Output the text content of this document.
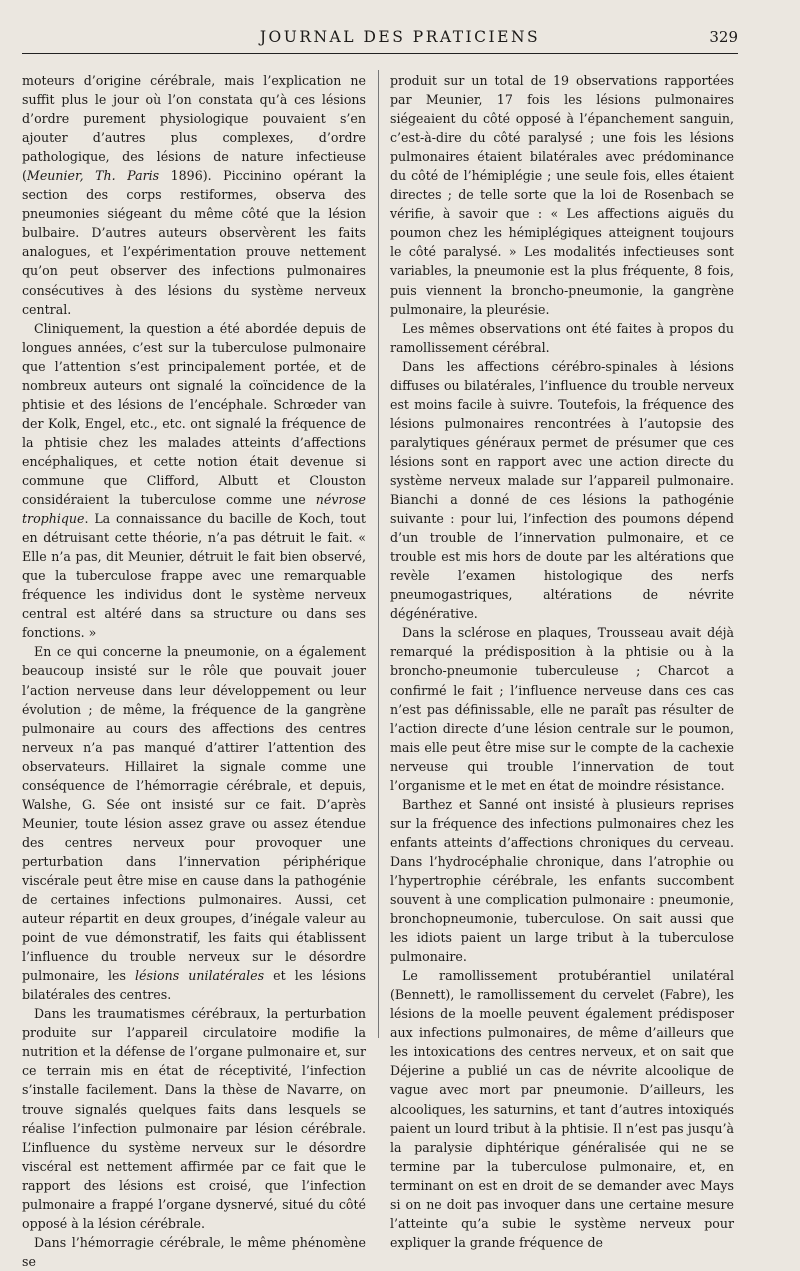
JOURNAL DES PRATICIENS	329

moteurs d’origine cérébrale, mais l’explication ne suffit plus le jour où l’on constata qu’à ces lésions d’ordre purement physiologique pouvaient s’en ajouter d’autres plus complexes, d’ordre pathologique, des lésions de nature infectieuse (Meunier, Th. Paris 1896). Piccinino opérant la section des corps restiformes, observa des pneumonies siégeant du même côté que la lésion bulbaire. D’autres auteurs observèrent les faits analogues, et l’expérimentation prouve nettement qu’on peut observer des infections pulmonaires consécutives à des lésions du système nerveux central.

Cliniquement, la question a été abordée depuis de longues années, c’est sur la tuberculose pulmonaire que l’attention s’est principalement portée, et de nombreux auteurs ont signalé la coïncidence de la phtisie et des lésions de l’encéphale. Schrœder van der Kolk, Engel, etc., etc. ont signalé la fréquence de la phtisie chez les malades atteints d’affections encéphaliques, et cette notion était devenue si commune que Clifford, Albutt et Clouston considéraient la tuberculose comme une névrose trophique. La connaissance du bacille de Koch, tout en détruisant cette théorie, n’a pas détruit le fait. « Elle n’a pas, dit Meunier, détruit le fait bien observé, que la tuberculose frappe avec une remarquable fréquence les individus dont le système nerveux central est altéré dans sa structure ou dans ses fonctions. »

En ce qui concerne la pneumonie, on a également beaucoup insisté sur le rôle que pouvait jouer l’action nerveuse dans leur développement ou leur évolution ; de même, la fréquence de la gangrène pulmonaire au cours des affections des centres nerveux n’a pas manqué d’attirer l’attention des observateurs. Hillairet la signale comme une conséquence de l’hémorragie cérébrale, et depuis, Walshe, G. Sée ont insisté sur ce fait. D’après Meunier, toute lésion assez grave ou assez étendue des centres nerveux pour provoquer une perturbation dans l’innervation périphérique viscérale peut être mise en cause dans la pathogénie de certaines infections pulmonaires. Aussi, cet auteur répartit en deux groupes, d’inégale valeur au point de vue démonstratif, les faits qui établissent l’influence du trouble nerveux sur le désordre pulmonaire, les lésions unilatérales et les lésions bilatérales des centres.

Dans les traumatismes cérébraux, la perturbation produite sur l’appareil circulatoire modifie la nutrition et la défense de l’organe pulmonaire et, sur ce terrain mis en état de réceptivité, l’infection s’installe facilement. Dans la thèse de Navarre, on trouve signalés quelques faits dans lesquels se réalise l’infection pulmonaire par lésion cérébrale. L’influence du système nerveux sur le désordre viscéral est nettement affirmée par ce fait que le rapport des lésions est croisé, que l’infection pulmonaire a frappé l’organe dysnervé, situé du côté opposé à la lésion cérébrale.

Dans l’hémorragie cérébrale, le même phénomène se

produit sur un total de 19 observations rapportées par Meunier, 17 fois les lésions pulmonaires siégeaient du côté opposé à l’épanchement sanguin, c’est-à-dire du côté paralysé ; une fois les lésions pulmonaires étaient bilatérales avec prédominance du côté de l’hémiplégie ; une seule fois, elles étaient directes ; de telle sorte que la loi de Rosenbach se vérifie, à savoir que : « Les affections aiguës du poumon chez les hémiplégiques atteignent toujours le côté paralysé. » Les modalités infectieuses sont variables, la pneumonie est la plus fréquente, 8 fois, puis viennent la broncho-pneumonie, la gangrène pulmonaire, la pleurésie.

Les mêmes observations ont été faites à propos du ramollissement cérébral.

Dans les affections cérébro-spinales à lésions diffuses ou bilatérales, l’influence du trouble nerveux est moins facile à suivre. Toutefois, la fréquence des lésions pulmonaires rencontrées à l’autopsie des paralytiques généraux permet de présumer que ces lésions sont en rapport avec une action directe du système nerveux malade sur l’appareil pulmonaire. Bianchi a donné de ces lésions la pathogénie suivante : pour lui, l’infection des poumons dépend d’un trouble de l’innervation pulmonaire, et ce trouble est mis hors de doute par les altérations que revèle l’examen histologique des nerfs pneumogastriques, altérations de névrite dégénérative.

Dans la sclérose en plaques, Trousseau avait déjà remarqué la prédisposition à la phtisie ou à la broncho-pneumonie tuberculeuse ; Charcot a confirmé le fait ; l’influence nerveuse dans ces cas n’est pas définissable, elle ne paraît pas résulter de l’action directe d’une lésion centrale sur le poumon, mais elle peut être mise sur le compte de la cachexie nerveuse qui trouble l’innervation de tout l’organisme et le met en état de moindre résistance.

Barthez et Sanné ont insisté à plusieurs reprises sur la fréquence des infections pulmonaires chez les enfants atteints d’affections chroniques du cerveau. Dans l’hydrocéphalie chronique, dans l’atrophie ou l’hypertrophie cérébrale, les enfants succombent souvent à une complication pulmonaire : pneumonie, bronchopneumonie, tuberculose. On sait aussi que les idiots paient un large tribut à la tuberculose pulmonaire.

Le ramollissement protubérantiel unilatéral (Bennett), le ramollissement du cervelet (Fabre), les lésions de la moelle peuvent également prédisposer aux infections pulmonaires, de même d’ailleurs que les intoxications des centres nerveux, et on sait que Déjerine a publié un cas de névrite alcoolique de vague avec mort par pneumonie. D’ailleurs, les alcooliques, les saturnins, et tant d’autres intoxiqués paient un lourd tribut à la phtisie. Il n’est pas jusqu’à la paralysie diphtérique généralisée qui ne se termine par la tuberculose pulmonaire, et, en terminant on est en droit de se demander avec Mays si on ne doit pas invoquer dans une certaine mesure l’atteinte qu’a subie le système nerveux pour expliquer la grande fréquence de
